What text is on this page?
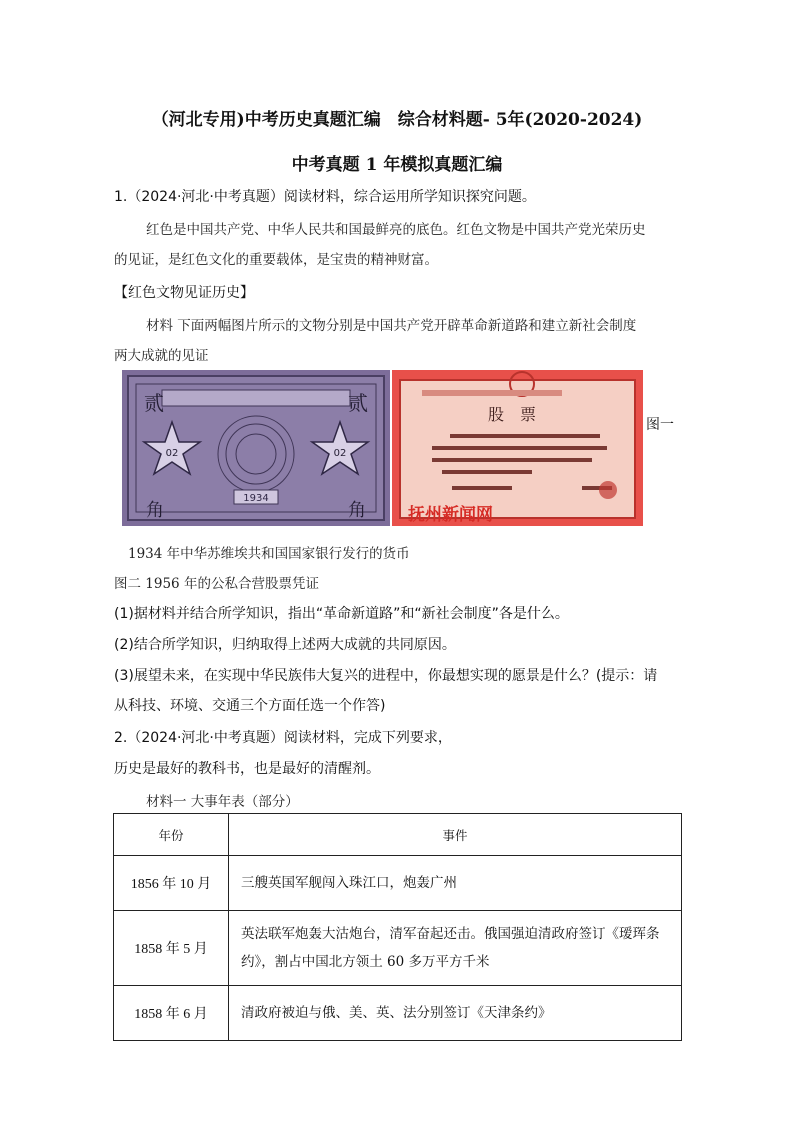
（河北专用)中考历史真题汇编　综合材料题- 5年(2020-2024)
中考真题 1 年模拟真题汇编
1.（2024·河北·中考真题）阅读材料，综合运用所学知识探究问题。
红色是中国共产党、中华人民共和国最鲜亮的底色。红色文物是中国共产党光荣历史
的见证，是红色文化的重要载体，是宝贵的精神财富。
【红色文物见证历史】
材料 下面两幅图片所示的文物分别是中国共产党开辟革命新道路和建立新社会制度
两大成就的见证
1934
贰	贰
角	角
02	02
股　票
抚州新闻网
图一
1934 年中华苏维埃共和国国家银行发行的货币
图二 1956 年的公私合营股票凭证
(1)据材料并结合所学知识，指出“革命新道路”和“新社会制度”各是什么。
(2)结合所学知识，归纳取得上述两大成就的共同原因。
(3)展望未来，在实现中华民族伟大复兴的进程中，你最想实现的愿景是什么？(提示：请
从科技、环境、交通三个方面任选一个作答)
2.（2024·河北·中考真题）阅读材料，完成下列要求，
历史是最好的教科书，也是最好的清醒剂。
材料一 大事年表（部分）
年份	事件
1856 年 10 月	三艘英国军舰闯入珠江口，炮轰广州

1858 年 5 月	英法联军炮轰大沽炮台，清军奋起还击。俄国强迫清政府签订《瑷珲条
约》，割占中国北方领土 60 多万平方千米

1858 年 6 月	清政府被迫与俄、美、英、法分别签订《天津条约》
